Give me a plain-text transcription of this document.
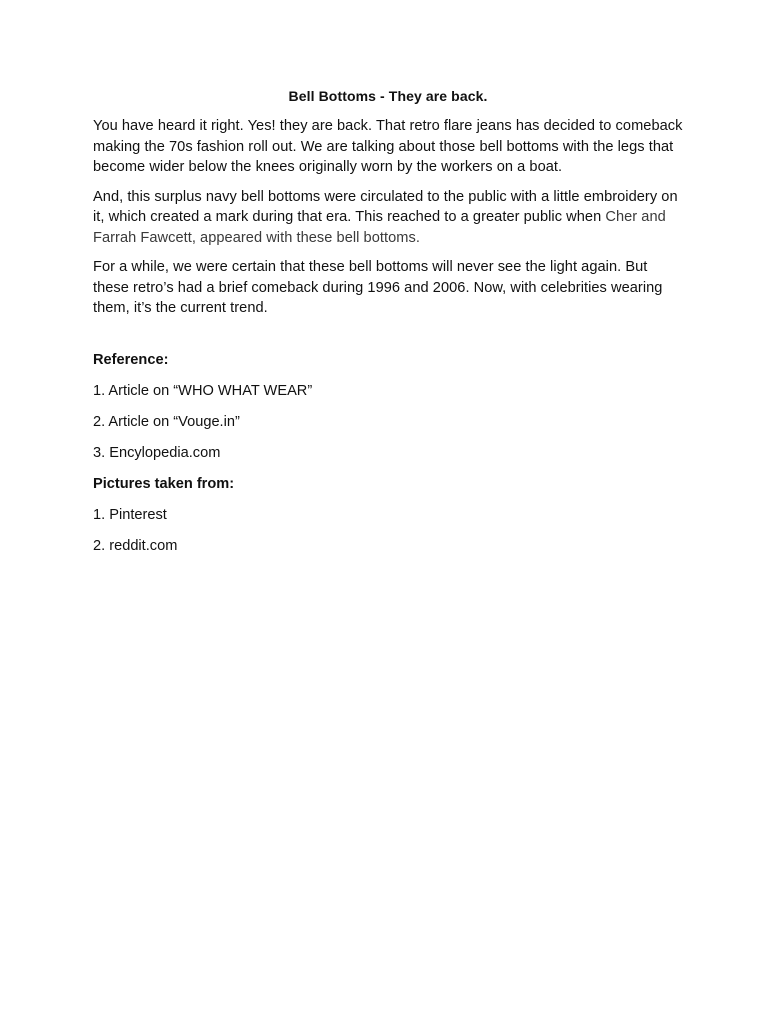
Bell Bottoms - They are back.

You have heard it right. Yes! they are back. That retro flare jeans has decided to comeback making the 70s fashion roll out. We are talking about those bell bottoms with the legs that become wider below the knees originally worn by the workers on a boat.

And, this surplus navy bell bottoms were circulated to the public with a little embroidery on it, which created a mark during that era. This reached to a greater public when Cher and Farrah Fawcett, appeared with these bell bottoms.

For a while, we were certain that these bell bottoms will never see the light again. But these retro’s had a brief comeback during 1996 and 2006. Now, with celebrities wearing them, it’s the current trend.

Reference:
1. Article on “WHO WHAT WEAR”
2. Article on “Vouge.in”
3. Encylopedia.com
Pictures taken from:
1. Pinterest
2. reddit.com
